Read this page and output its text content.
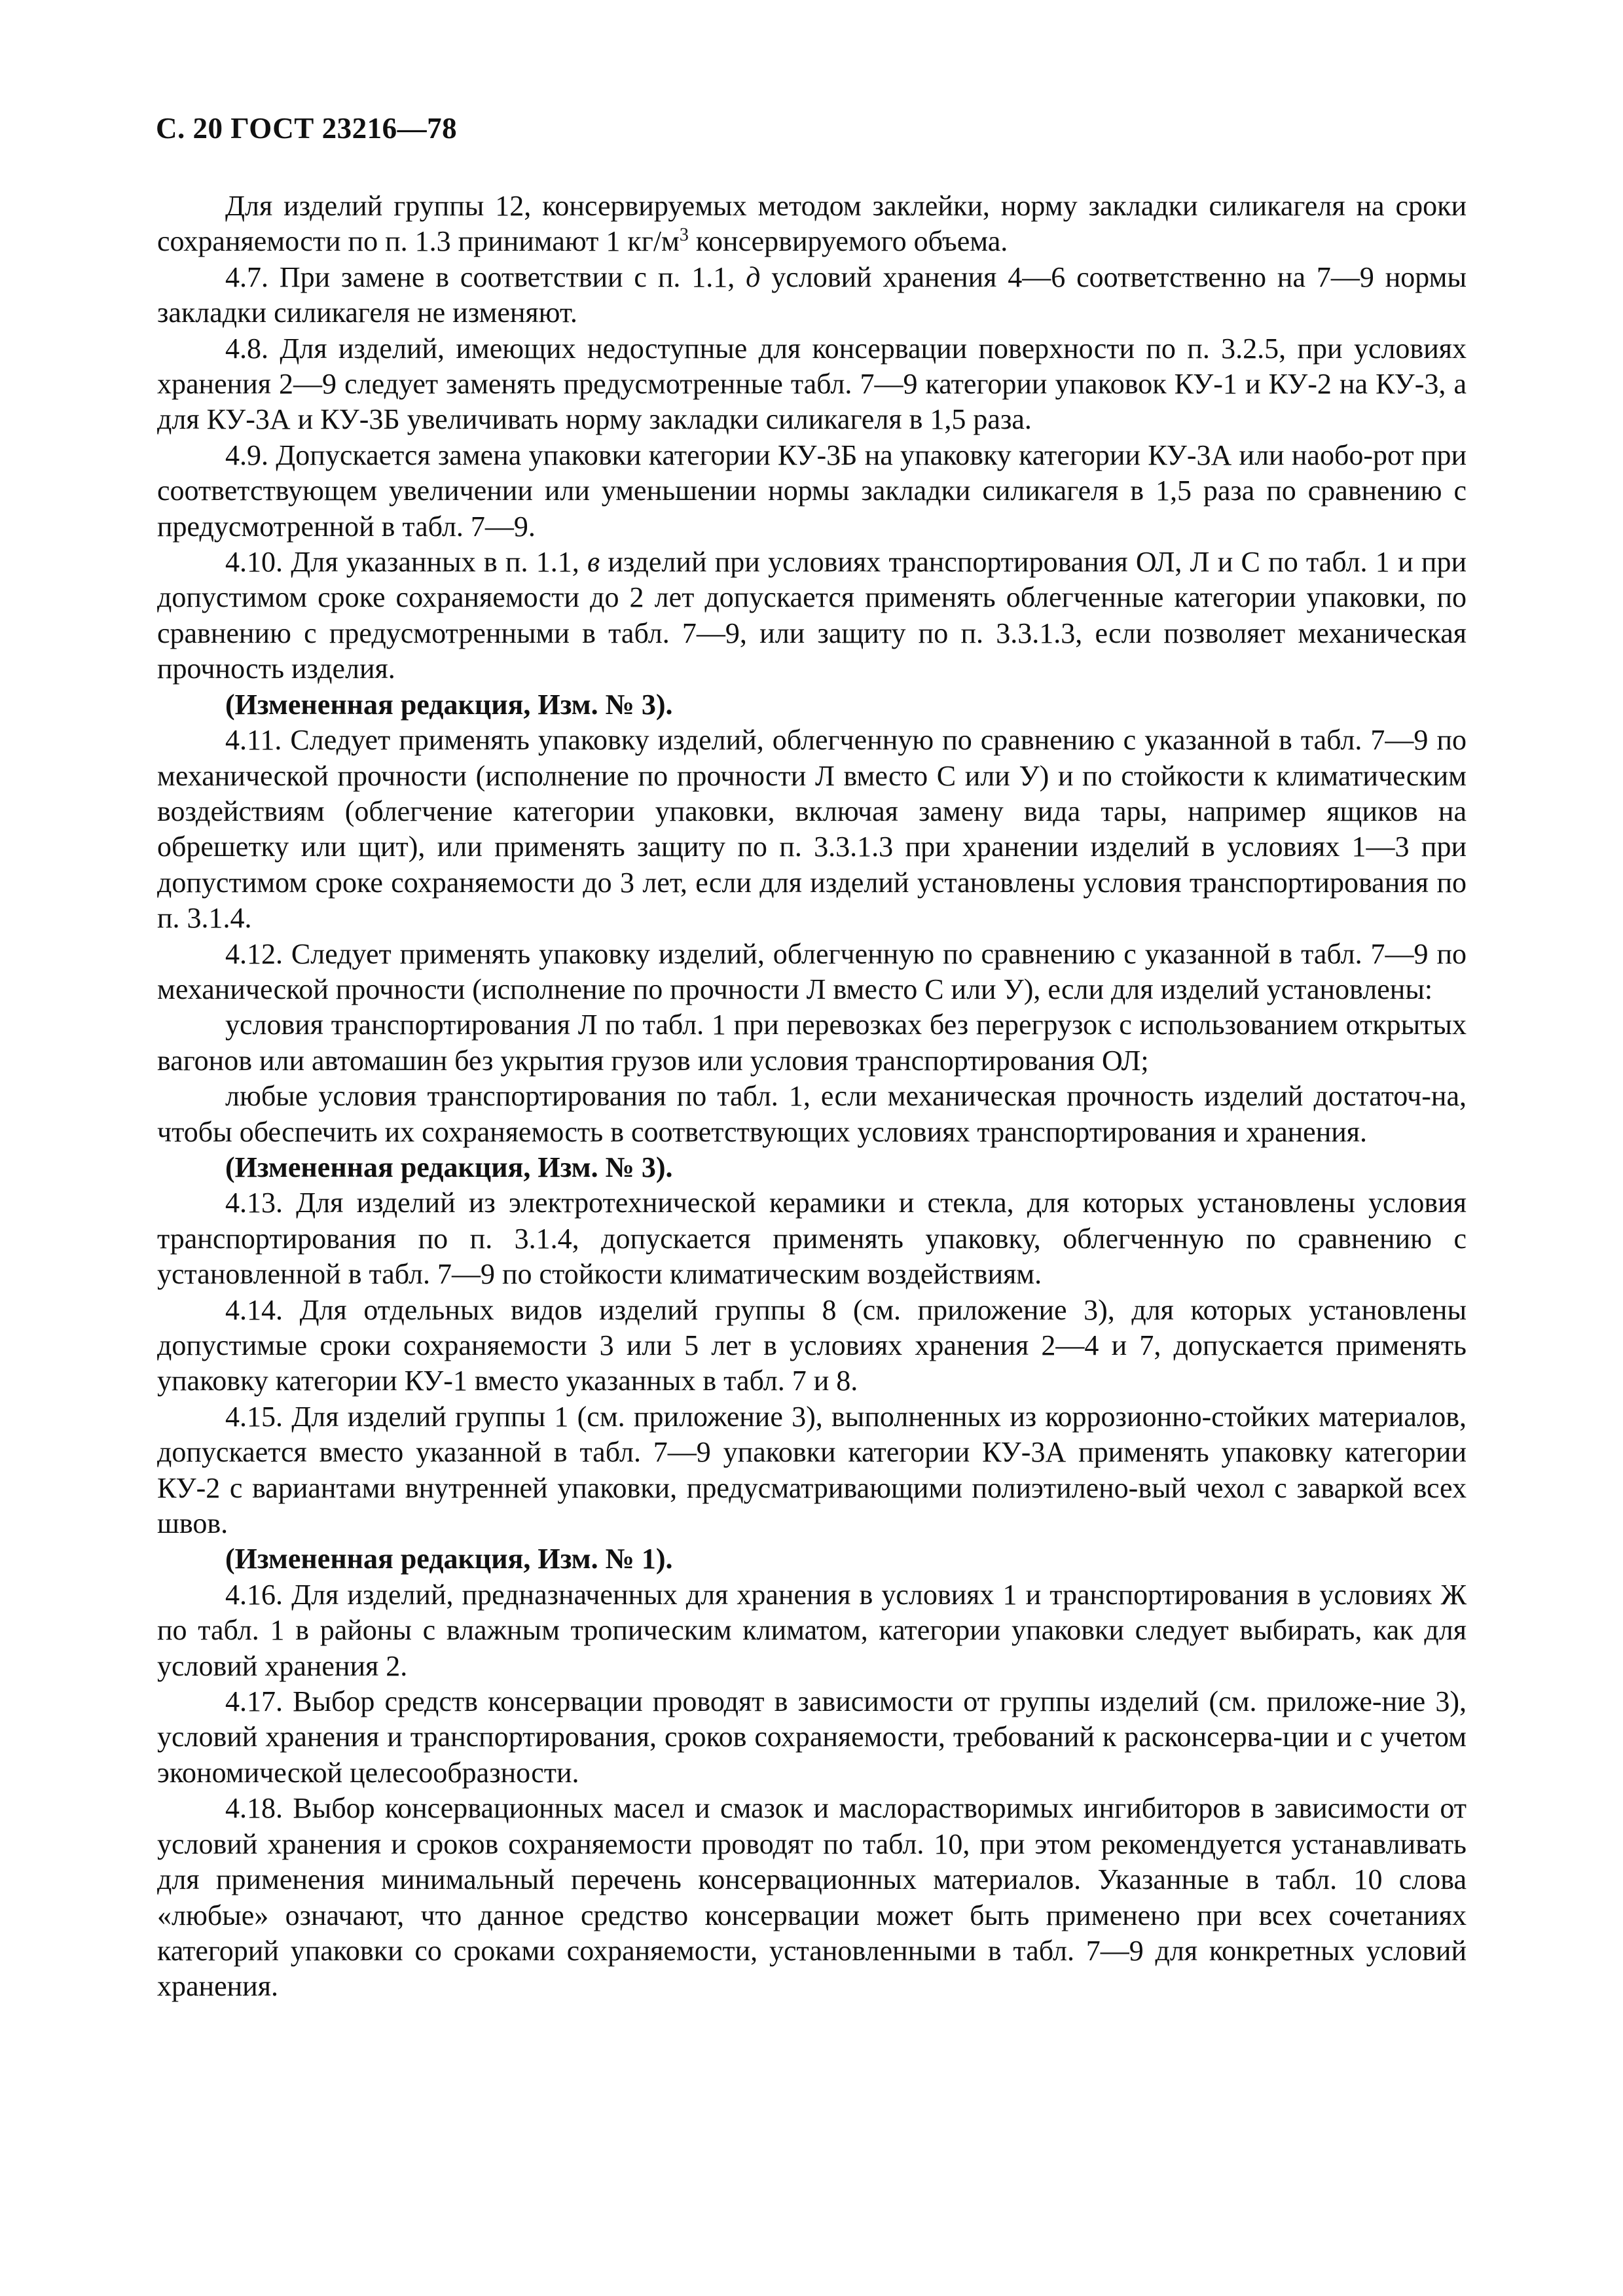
С. 20 ГОСТ 23216—78

Для изделий группы 12, консервируемых методом заклейки, норму закладки силикагеля на сроки сохраняемости по п. 1.3 принимают 1 $кг/м^3$ консервируемого объема.

4.7. При замене в соответствии с п. 1.1, д условий хранения 4—6 соответственно на 7—9 нормы закладки силикагеля не изменяют.

4.8. Для изделий, имеющих недоступные для консервации поверхности по п. 3.2.5, при условиях хранения 2—9 следует заменять предусмотренные табл. 7—9 категории упаковок КУ-1 и КУ-2 на КУ-3, а для КУ-3А и КУ-3Б увеличивать норму закладки силикагеля в 1,5 раза.

4.9. Допускается замена упаковки категории КУ-3Б на упаковку категории КУ-3А или наобо-рот при соответствующем увеличении или уменьшении нормы закладки силикагеля в 1,5 раза по сравнению с предусмотренной в табл. 7—9.

4.10. Для указанных в п. 1.1, в изделий при условиях транспортирования ОЛ, Л и С по табл. 1 и при допустимом сроке сохраняемости до 2 лет допускается применять облегченные категории упаковки, по сравнению с предусмотренными в табл. 7—9, или защиту по п. 3.3.1.3, если позволяет механическая прочность изделия.

(Измененная редакция, Изм. № 3).

4.11. Следует применять упаковку изделий, облегченную по сравнению с указанной в табл. 7—9 по механической прочности (исполнение по прочности Л вместо С или У) и по стойкости к климатическим воздействиям (облегчение категории упаковки, включая замену вида тары, например ящиков на обрешетку или щит), или применять защиту по п. 3.3.1.3 при хранении изделий в условиях 1—3 при допустимом сроке сохраняемости до 3 лет, если для изделий установлены условия транспортирования по п. 3.1.4.

4.12. Следует применять упаковку изделий, облегченную по сравнению с указанной в табл. 7—9 по механической прочности (исполнение по прочности Л вместо С или У), если для изделий установлены:

условия транспортирования Л по табл. 1 при перевозках без перегрузок с использованием открытых вагонов или автомашин без укрытия грузов или условия транспортирования ОЛ;

любые условия транспортирования по табл. 1, если механическая прочность изделий достаточ-на, чтобы обеспечить их сохраняемость в соответствующих условиях транспортирования и хранения.

(Измененная редакция, Изм. № 3).

4.13. Для изделий из электротехнической керамики и стекла, для которых установлены условия транспортирования по п. 3.1.4, допускается применять упаковку, облегченную по сравнению с установленной в табл. 7—9 по стойкости климатическим воздействиям.

4.14. Для отдельных видов изделий группы 8 (см. приложение 3), для которых установлены допустимые сроки сохраняемости 3 или 5 лет в условиях хранения 2—4 и 7, допускается применять упаковку категории КУ-1 вместо указанных в табл. 7 и 8.

4.15. Для изделий группы 1 (см. приложение 3), выполненных из коррозионно-стойких материалов, допускается вместо указанной в табл. 7—9 упаковки категории КУ-3А применять упаковку категории КУ-2 с вариантами внутренней упаковки, предусматривающими полиэтилено-вый чехол с заваркой всех швов.

(Измененная редакция, Изм. № 1).

4.16. Для изделий, предназначенных для хранения в условиях 1 и транспортирования в условиях Ж по табл. 1 в районы с влажным тропическим климатом, категории упаковки следует выбирать, как для условий хранения 2.

4.17. Выбор средств консервации проводят в зависимости от группы изделий (см. приложе-ние 3), условий хранения и транспортирования, сроков сохраняемости, требований к расконсерва-ции и с учетом экономической целесообразности.

4.18. Выбор консервационных масел и смазок и маслорастворимых ингибиторов в зависимости от условий хранения и сроков сохраняемости проводят по табл. 10, при этом рекомендуется устанавливать для применения минимальный перечень консервационных материалов. Указанные в табл. 10 слова «любые» означают, что данное средство консервации может быть применено при всех сочетаниях категорий упаковки со сроками сохраняемости, установленными в табл. 7—9 для конкретных условий хранения.
